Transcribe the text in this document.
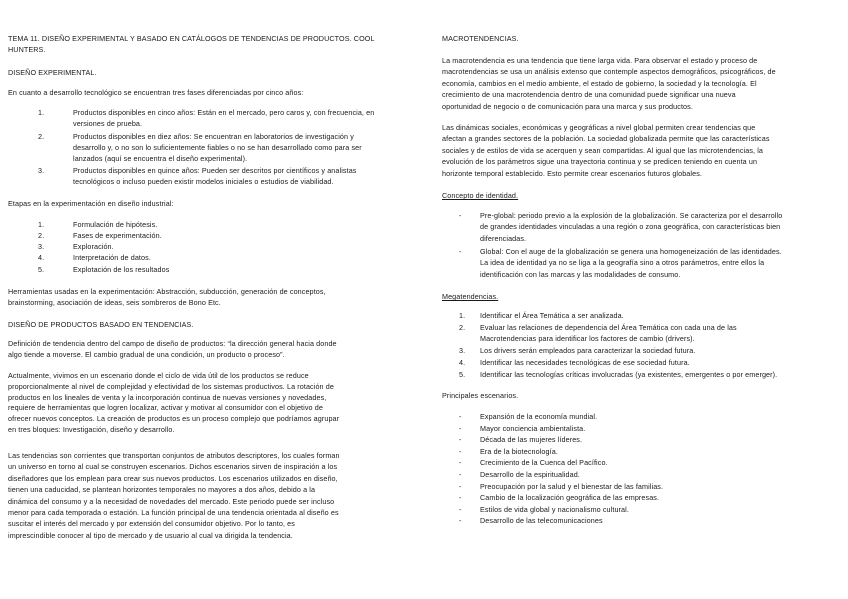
TEMA 11. DISEÑO EXPERIMENTAL Y BASADO EN CATÁLOGOS DE TENDENCIAS DE PRODUCTOS. COOL
HUNTERS.
DISEÑO EXPERIMENTAL.
En cuanto a desarrollo tecnológico se encuentran tres fases diferenciadas por cinco años:
1.	Productos disponibles en cinco años: Están en el mercado, pero caros y, con frecuencia, en
versiones de prueba.
2.	Productos disponibles en diez años: Se encuentran en laboratorios de investigación y
desarrollo y, o no son lo suficientemente fiables o no se han desarrollado como para ser
lanzados (aquí se encuentra el diseño experimental).
3.	Productos disponibles en quince años: Pueden ser descritos por científicos y analistas
tecnológicos o incluso pueden existir modelos iniciales o estudios de viabilidad.
Etapas en la experimentación en diseño industrial:
1.	Formulación de hipótesis.
2.	Fases de experimentación.
3.	Exploración.
4.	Interpretación de datos.
5.	Explotación de los resultados
Herramientas usadas en la experimentación: Abstracción, subducción, generación de conceptos,
brainstorming, asociación de ideas, seis sombreros de Bono Etc.
DISEÑO DE PRODUCTOS BASADO EN TENDENCIAS.
Definición de tendencia dentro del campo de diseño de productos: “la dirección general hacia donde
algo tiende a moverse. El cambio gradual de una condición, un producto o proceso”.
Actualmente, vivimos en un escenario donde el ciclo de vida útil de los productos se reduce
proporcionalmente al nivel de complejidad y efectividad de los sistemas productivos. La rotación de
productos en los lineales de venta y la incorporación continua de nuevas versiones y novedades,
requiere de herramientas que logren localizar, activar y motivar al consumidor con el objetivo de
ofrecer nuevos conceptos. La creación de productos es un proceso complejo que podríamos agrupar
en tres bloques: Investigación, diseño y desarrollo.
Las tendencias son corrientes que transportan conjuntos de atributos descriptores, los cuales forman
un universo en torno al cual se construyen escenarios. Dichos escenarios sirven de inspiración a los
diseñadores que los emplean para crear sus nuevos productos. Los escenarios utilizados en diseño,
tienen una caducidad, se plantean horizontes temporales no mayores a dos años, debido a la
dinámica del consumo y a la necesidad de novedades del mercado. Este periodo puede ser incluso
menor para cada temporada o estación. La función principal de una tendencia orientada al diseño es
suscitar el interés del mercado y por extensión del consumidor objetivo. Por lo tanto, es
imprescindible conocer al tipo de mercado y de usuario al cual va dirigida la tendencia.
MACROTENDENCIAS.
La macrotendencia es una tendencia que tiene larga vida. Para observar el estado y proceso de
macrotendencias se usa un análisis extenso que contemple aspectos demográficos, psicográficos, de
economía, cambios en el medio ambiente, el estado de gobierno, la sociedad y la tecnología. El
crecimiento de una macrotendencia dentro de una comunidad puede significar una nueva
oportunidad de negocio o de comunicación para una marca y sus productos.
Las dinámicas sociales, económicas y geográficas a nivel global permiten crear tendencias que
afectan a grandes sectores de la población. La sociedad globalizada permite que las características
sociales y de estilos de vida se acerquen y sean compartidas. Al igual que las microtendencias, la
evolución de los parámetros sigue una trayectoria continua y se predicen teniendo en cuenta un
horizonte temporal establecido. Esto permite crear escenarios futuros globales.
Concepto de identidad.
-	Pre-global: periodo previo a la explosión de la globalización. Se caracteriza por el desarrollo
de grandes identidades vinculadas a una región o zona geográfica, con características bien
diferenciadas.
-	Global: Con el auge de la globalización se genera una homogeneización de las identidades.
La idea de identidad ya no se liga a la geografía sino a otros parámetros, entre ellos la
identificación con las marcas y las modalidades de consumo.
Megatendencias.
1. Identificar el Área Temática a ser analizada.
2. Evaluar las relaciones de dependencia del Área Temática con cada una de las
Macrotendencias para identificar los factores de cambio (drivers).
3. Los drivers serán empleados para caracterizar la sociedad futura.
4. Identificar las necesidades tecnológicas de ese sociedad futura.
5. Identificar las tecnologías críticas involucradas (ya existentes, emergentes o por emerger).
Principales escenarios.
-	Expansión de la economía mundial.
-	Mayor conciencia ambientalista.
-	Década de las mujeres líderes.
-	Era de la biotecnología.
-	Crecimiento de la Cuenca del Pacífico.
-	Desarrollo de la espiritualidad.
-	Preocupación por la salud y el bienestar de las familias.
-	Cambio de la localización geográfica de las empresas.
-	Estilos de vida global y nacionalismo cultural.
-	Desarrollo de las telecomunicaciones
